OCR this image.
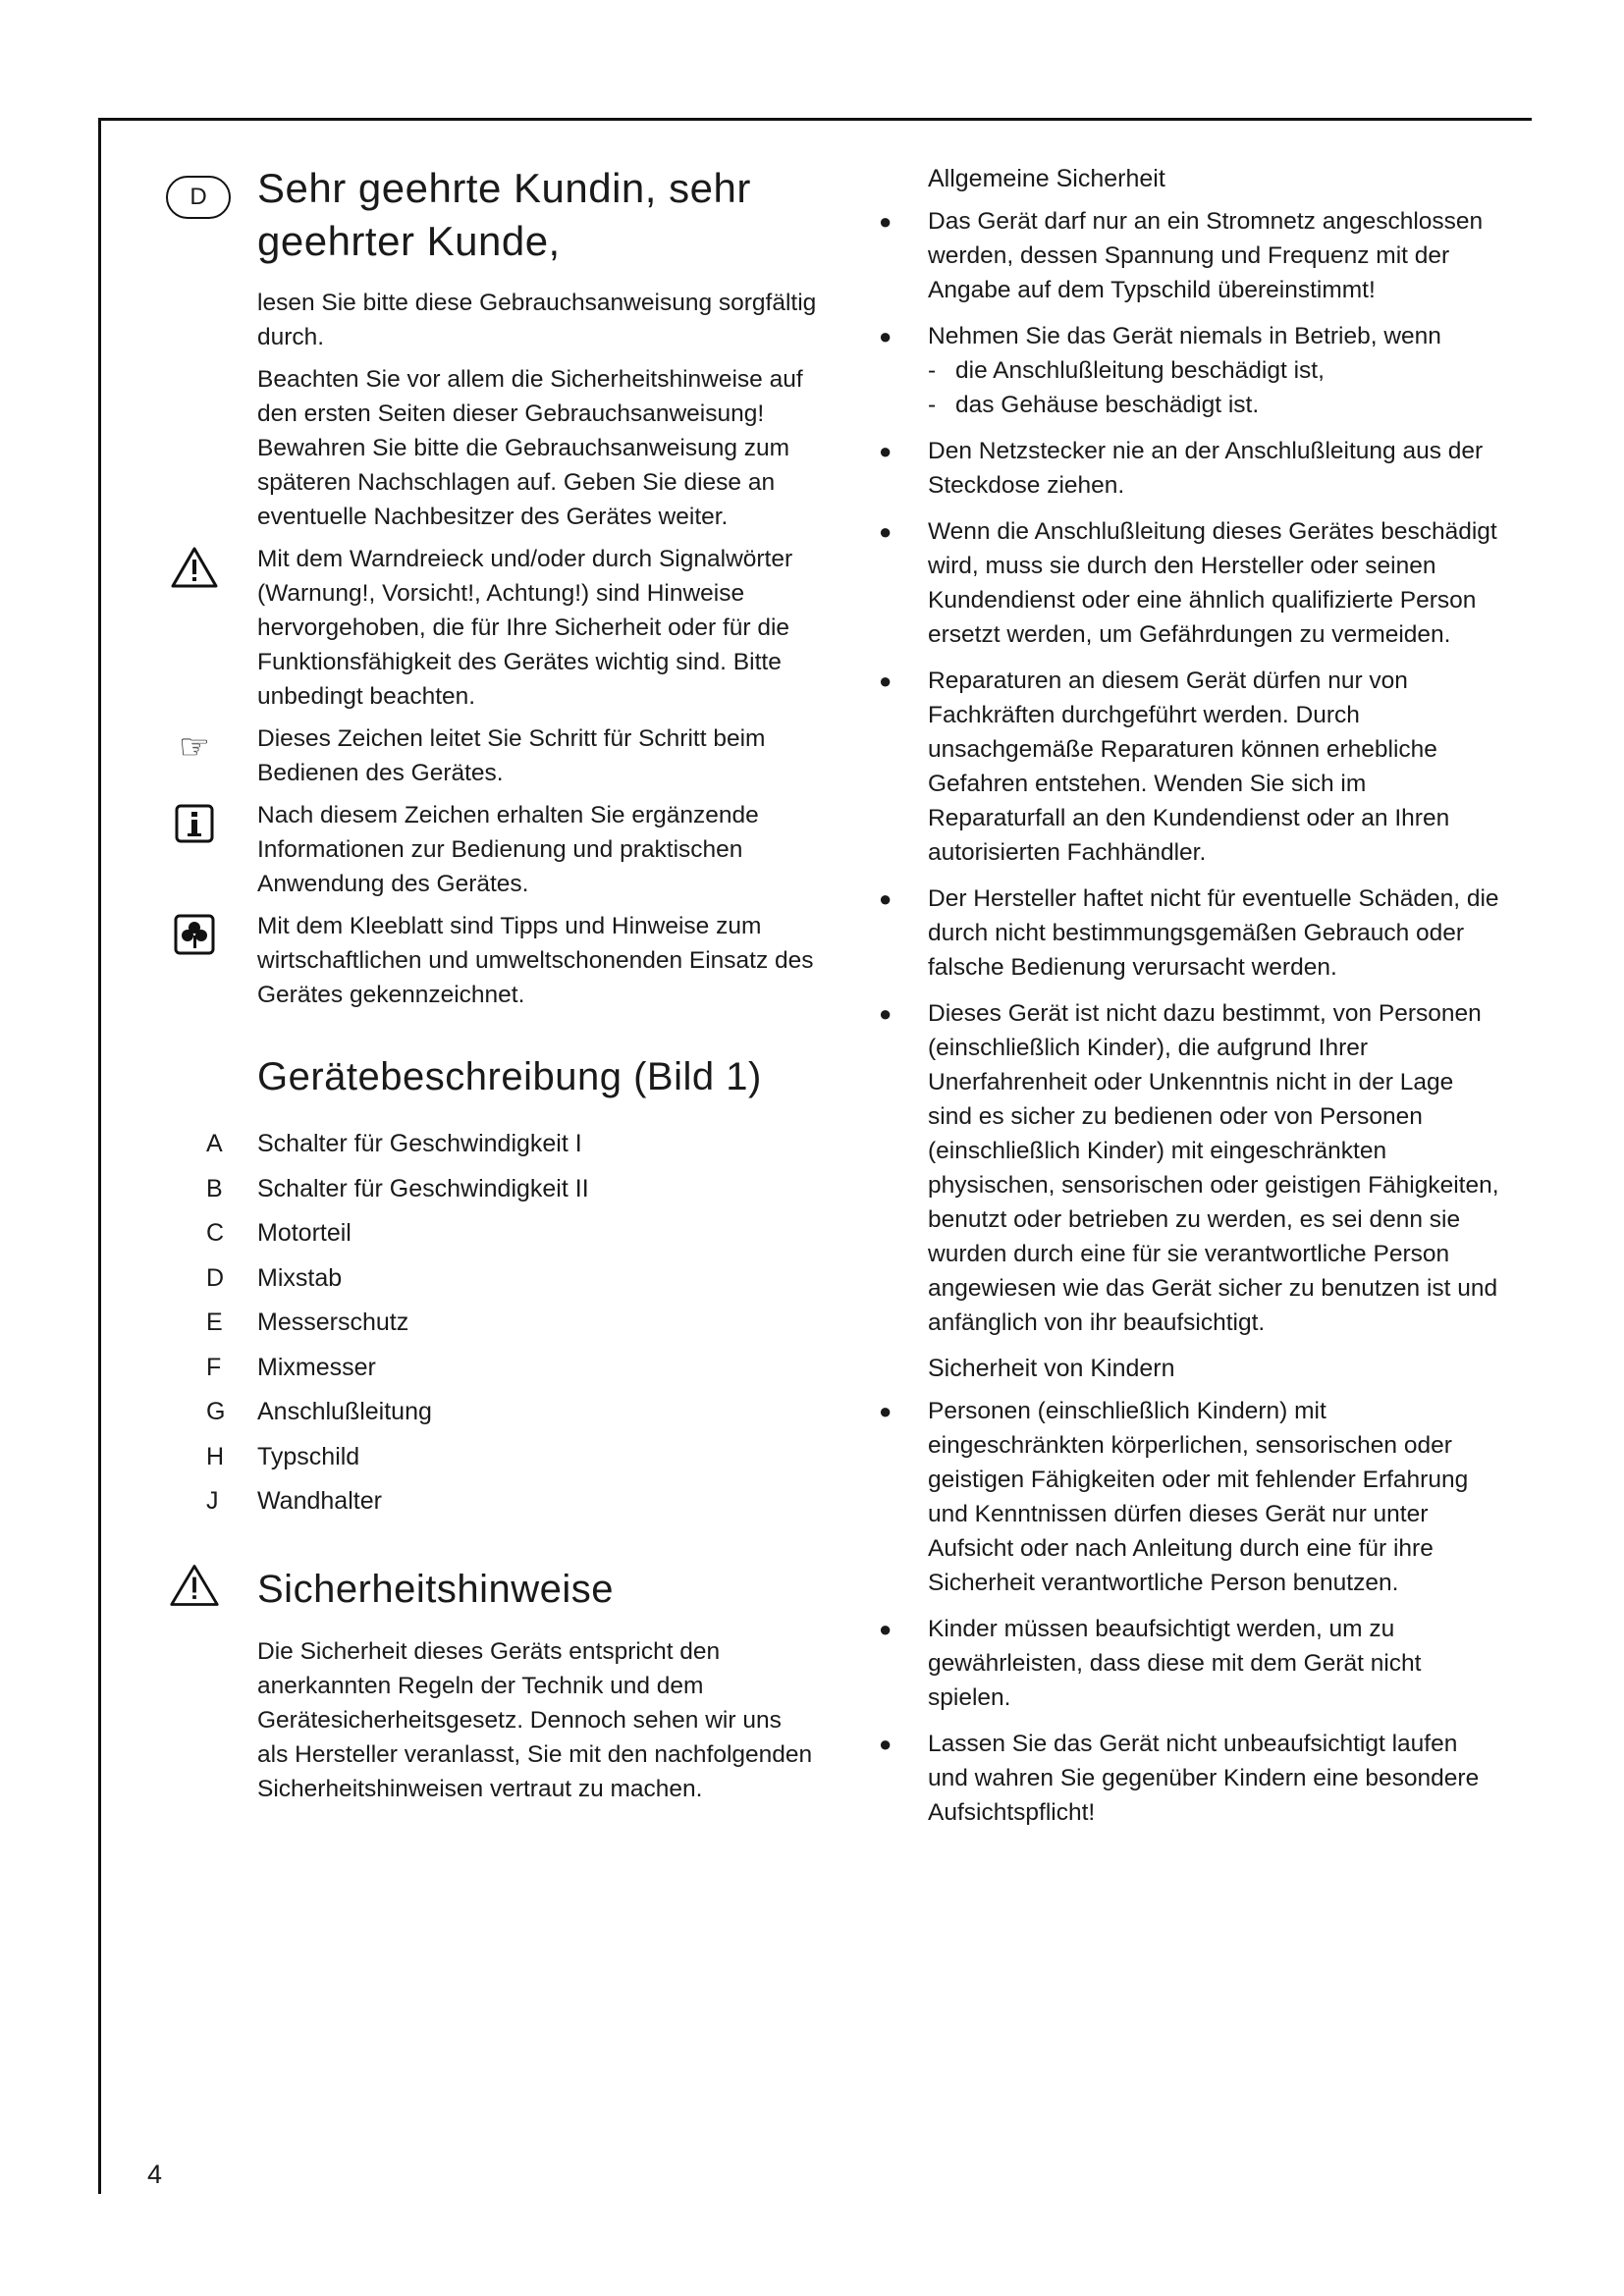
D	Sehr geehrte Kundin, sehr geehrter Kunde,

lesen Sie bitte diese Gebrauchsanweisung sorgfältig durch.

Beachten Sie vor allem die Sicherheitshinweise auf den ersten Seiten dieser Gebrauchsanweisung! Bewahren Sie bitte die Gebrauchsanweisung zum späteren Nachschlagen auf. Geben Sie diese an eventuelle Nachbesitzer des Gerätes weiter.

Mit dem Warndreieck und/oder durch Signalwörter (Warnung!, Vorsicht!, Achtung!) sind Hinweise hervorgehoben, die für Ihre Sicherheit oder für die Funktionsfähigkeit des Gerätes wichtig sind. Bitte unbedingt beachten.

☞	Dieses Zeichen leitet Sie Schritt für Schritt beim Bedienen des Gerätes.

Nach diesem Zeichen erhalten Sie ergänzende Informationen zur Bedienung und praktischen Anwendung des Gerätes.

Mit dem Kleeblatt sind Tipps und Hinweise zum wirtschaftlichen und umweltschonenden Einsatz des Gerätes gekennzeichnet.

Gerätebeschreibung (Bild 1)
A Schalter für Geschwindigkeit I
B Schalter für Geschwindigkeit II
C Motorteil
D Mixstab
E Messerschutz
F Mixmesser
G Anschlußleitung
H Typschild
J	Wandhalter
Sicherheitshinweise

Die Sicherheit dieses Geräts entspricht den anerkannten Regeln der Technik und dem Gerätesicherheitsgesetz. Dennoch sehen wir uns als Hersteller veranlasst, Sie mit den nachfolgenden Sicherheitshinweisen vertraut zu machen.

Allgemeine Sicherheit

● Das Gerät darf nur an ein Stromnetz angeschlossen werden, dessen Spannung und Frequenz mit der Angabe auf dem Typschild übereinstimmt!
● Nehmen Sie das Gerät niemals in Betrieb, wenn
- die Anschlußleitung beschädigt ist,
- das Gehäuse beschädigt ist.
● Den Netzstecker nie an der Anschlußleitung aus der Steckdose ziehen.
● Wenn die Anschlußleitung dieses Gerätes beschädigt wird, muss sie durch den Hersteller oder seinen Kundendienst oder eine ähnlich qualifizierte Person ersetzt werden, um Gefährdungen zu vermeiden.
● Reparaturen an diesem Gerät dürfen nur von Fachkräften durchgeführt werden. Durch unsachgemäße Reparaturen können erhebliche Gefahren entstehen. Wenden Sie sich im Reparaturfall an den Kundendienst oder an Ihren autorisierten Fachhändler.
● Der Hersteller haftet nicht für eventuelle Schäden, die durch nicht bestimmungsgemäßen Gebrauch oder falsche Bedienung verursacht werden.
● Dieses Gerät ist nicht dazu bestimmt, von Personen (einschließlich Kinder), die aufgrund Ihrer Unerfahrenheit oder Unkenntnis nicht in der Lage sind es sicher zu bedienen oder von Personen (einschließlich Kinder) mit eingeschränkten physischen, sensorischen oder geistigen Fähigkeiten, benutzt oder betrieben zu werden, es sei denn sie wurden durch eine für sie verantwortliche Person angewiesen wie das Gerät sicher zu benutzen ist und anfänglich von ihr beaufsichtigt.

Sicherheit von Kindern

● Personen (einschließlich Kindern) mit eingeschränkten körperlichen, sensorischen oder geistigen Fähigkeiten oder mit fehlender Erfahrung und Kenntnissen dürfen dieses Gerät nur unter Aufsicht oder nach Anleitung durch eine für ihre Sicherheit verantwortliche Person benutzen.
● Kinder müssen beaufsichtigt werden, um zu gewährleisten, dass diese mit dem Gerät nicht spielen.
● Lassen Sie das Gerät nicht unbeaufsichtigt laufen und wahren Sie gegenüber Kindern eine besondere Aufsichtspflicht!
4
